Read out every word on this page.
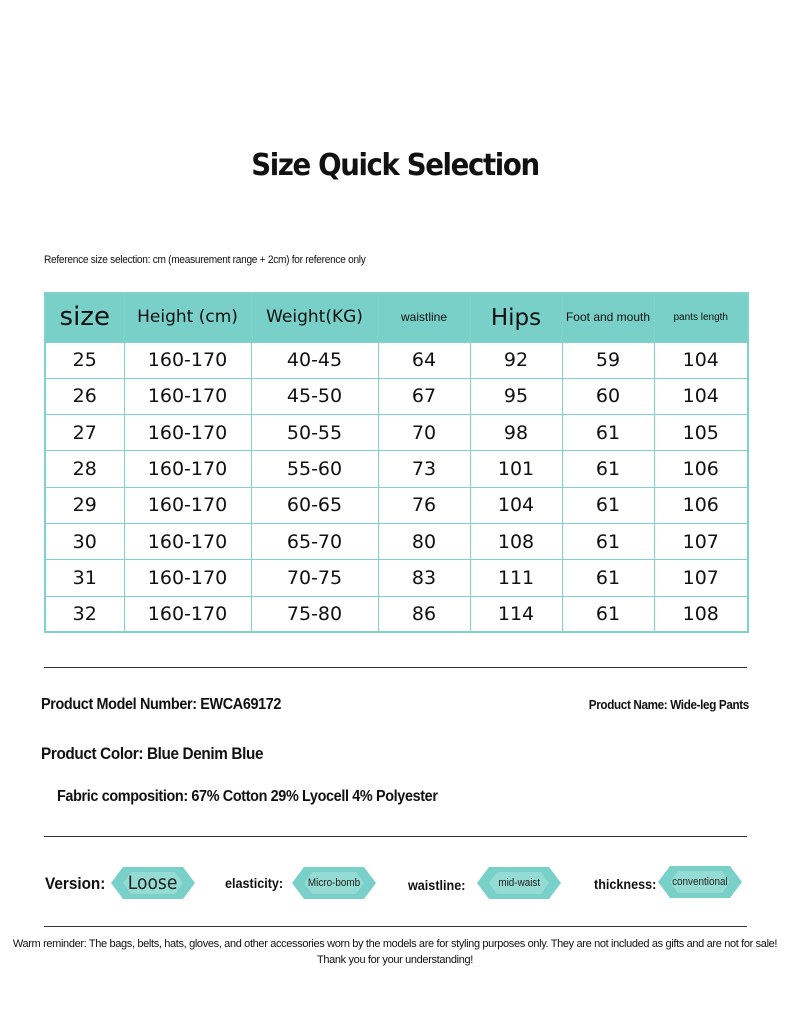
Size Quick Selection
Reference size selection: cm (measurement range + 2cm) for reference only
size	Height (cm)	Weight(KG)	waistline	Hips	Foot and mouth	pants length
25	160-170	40-45	64	92	59	104
26	160-170	45-50	67	95	60	104
27	160-170	50-55	70	98	61	105
28	160-170	55-60	73	101	61	106
29	160-170	60-65	76	104	61	106
30	160-170	65-70	80	108	61	107
31	160-170	70-75	83	111	61	107
32	160-170	75-80	86	114	61	108
Product Model Number: EWCA69172	Product Name: Wide-leg Pants
Product Color: Blue Denim Blue
Fabric composition: 67% Cotton 29% Lyocell 4% Polyester
Version: Loose	elasticity: Micro-bomb	waistline:	mid-waist	thickness: conventional
Warm reminder: The bags, belts, hats, gloves, and other accessories worn by the models are for styling purposes only. They are not included as gifts and are not for sale! Thank you for your understanding!
